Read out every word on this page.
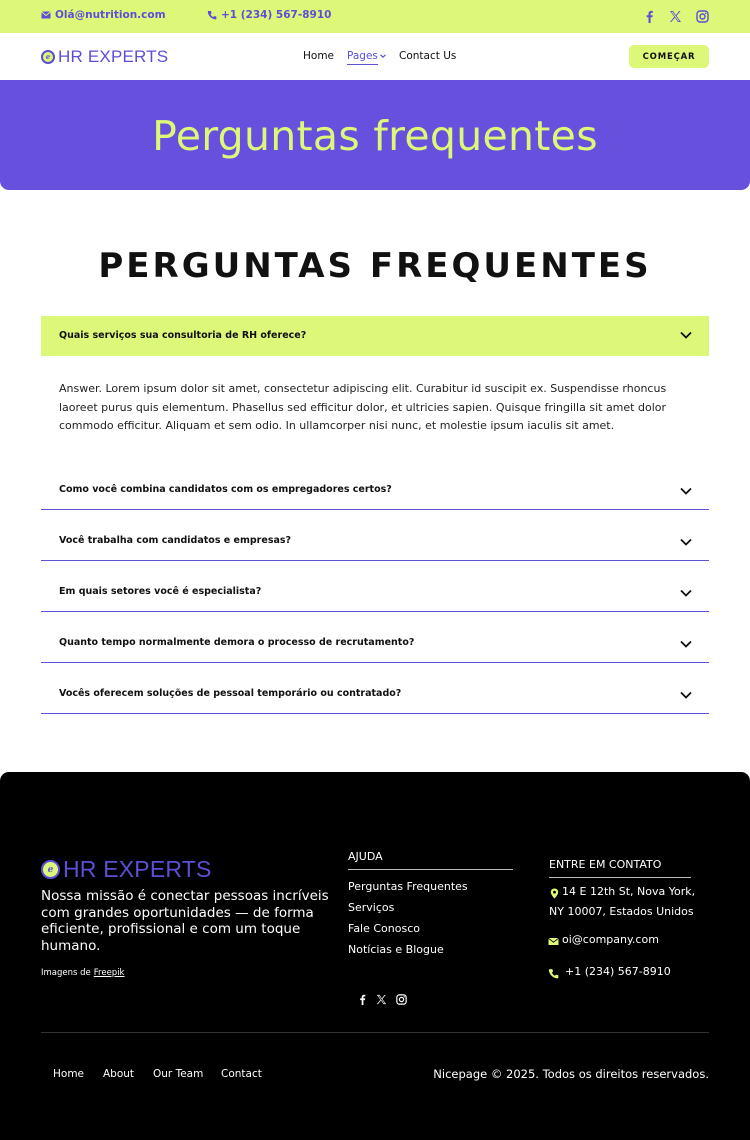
Olá@nutrition.com	+1 (234) 567-8910
ℯ HR EXPERTS	Home Pages Contact Us	COMEÇAR
Perguntas frequentes
PERGUNTAS FREQUENTES
Quais serviços sua consultoria de RH oferece?
Answer. Lorem ipsum dolor sit amet, consectetur adipiscing elit. Curabitur id suscipit ex. Suspendisse rhoncus laoreet purus quis elementum. Phasellus sed efficitur dolor, et ultricies sapien. Quisque fringilla sit amet dolor commodo efficitur. Aliquam et sem odio. In ullamcorper nisi nunc, et molestie ipsum iaculis sit amet.
Como você combina candidatos com os empregadores certos?
Você trabalha com candidatos e empresas?
Em quais setores você é especialista?
Quanto tempo normalmente demora o processo de recrutamento?
Vocês oferecem soluções de pessoal temporário ou contratado?
ℯ HR EXPERTS
Nossa missão é conectar pessoas incríveis com grandes oportunidades — de forma eficiente, profissional e com um toque humano.
Imagens de Freepik
AJUDA
Perguntas Frequentes
Serviços
Fale Conosco
Notícias e Blogue
ENTRE EM CONTATO
14 E 12th St, Nova York,
NY 10007, Estados Unidos
oi@company.com
+1 (234) 567-8910
Home About Our Team Contact	Nicepage © 2025. Todos os direitos reservados.
